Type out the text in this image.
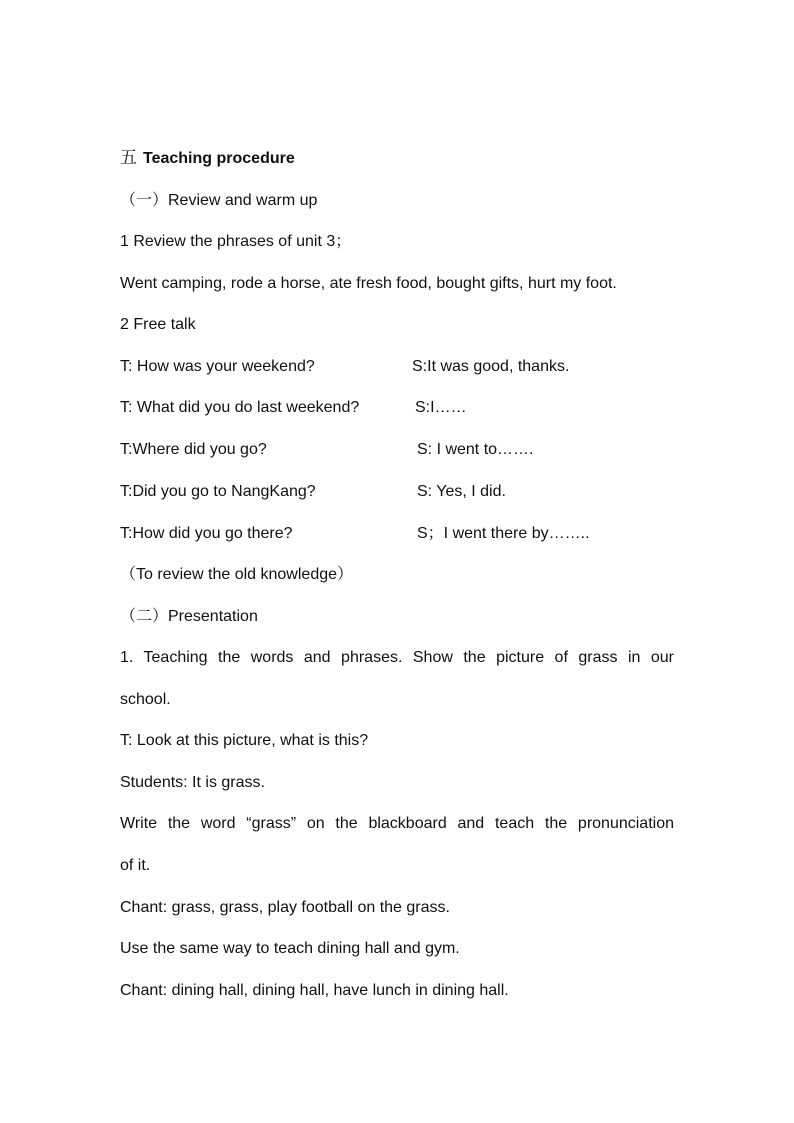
五 Teaching procedure
（一）Review and warm up
1 Review the phrases of unit 3；
Went camping, rode a horse, ate fresh food, bought gifts, hurt my foot.
2 Free talk
T: How was your weekend?	S:It was good, thanks.
T: What did you do last weekend?	S:I……
T:Where did you go?	S: I went to…….
T:Did you go to NangKang?	S: Yes, I did.
T:How did you go there?	S；I went there by……..
（To review the old knowledge）
（二）Presentation
1. Teaching the words and phrases. Show the picture of grass in our
school.
T: Look at this picture, what is this?
Students: It is grass.
Write the word “grass” on the blackboard and teach the pronunciation
of it.
Chant: grass, grass, play football on the grass.
Use the same way to teach dining hall and gym.
Chant: dining hall, dining hall, have lunch in dining hall.
